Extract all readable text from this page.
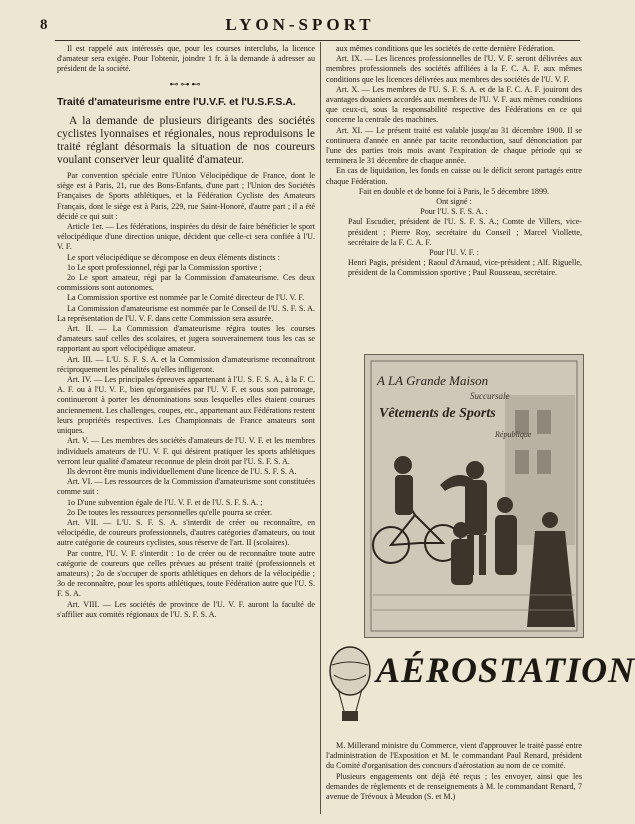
8	LYON-SPORT

Il est rappelé aux intéressés que, pour les courses interclubs, la licence d'amateur sera exigée. Pour l'obtenir, joindre 1 fr. à la demande à adresser au président de la société.

⊷⊶⊷

Traité d'amateurisme entre l'U.V.F. et l'U.S.F.S.A.

A la demande de plusieurs dirigeants des sociétés cyclistes lyonnaises et régionales, nous reproduisons le traité réglant désormais la situation de nos coureurs voulant conserver leur qualité d'amateur.

Par convention spéciale entre l'Union Vélocipédique de France, dont le siège est à Paris, 21, rue des Bons-Enfants, d'une part ; l'Union des Sociétés Françaises de Sports athlétiques, et la Fédération Cycliste des Amateurs Français, dont le siège est à Paris, 229, rue Saint-Honoré, d'autre part ; il a été décidé ce qui suit :

Article 1er. — Les fédérations, inspirées du désir de faire bénéficier le sport vélocipédique d'une direction unique, décident que celle-ci sera confiée à l'U. V. F.

Le sport vélocipédique se décompose en deux éléments distincts :

1o Le sport professionnel, régi par la Commission sportive ;

2o Le sport amateur, régi par la Commission d'amateurisme. Ces deux commissions sont autonomes.

La Commission sportive est nommée par le Comité directeur de l'U. V. F.

La Commission d'amateurisme est nommée par le Conseil de l'U. S. F. S. A. La représentation de l'U. V. F. dans cette Commission sera assurée.

Art. II. — La Commission d'amateurisme régira toutes les courses d'amateurs sauf celles des scolaires, et jugera souverainement tous les cas se rapportant au sport vélocipédique amateur.

Art. III. — L'U. S. F. S. A. et la Commission d'amateurisme reconnaîtront réciproquement les pénalités qu'elles infligeront.

Art. IV. — Les principales épreuves appartenant à l'U. S. F. S. A., à la F. C. A. F. ou à l'U. V. F., bien qu'organisées par l'U. V. F. et sous son patronage, continueront à porter les dénominations sous lesquelles elles étaient courues anciennement. Les challenges, coupes, etc., appartenant aux Fédérations restent leurs propriétés respectives. Les Championnats de France amateurs sont uniques.

Art. V. — Les membres des sociétés d'amateurs de l'U. V. F. et les membres individuels amateurs de l'U. V. F. qui désirent pratiquer les sports athlétiques verront leur qualité d'amateur reconnue de plein droit par l'U. S. F. S. A.

Ils devront être munis individuellement d'une licence de l'U. S. F. S. A.

Art. VI. — Les ressources de la Commission d'amateurisme sont constituées comme suit :

1o D'une subvention égale de l'U. V. F. et de l'U. S. F. S. A. ;

2o De toutes les ressources personnelles qu'elle pourra se créer.

Art. VII. — L'U. S. F. S. A. s'interdit de créer ou reconnaître, en vélocipédie, de coureurs professionnels, d'autres catégories d'amateurs, ou tout autre catégorie de coureurs cyclistes, sous réserve de l'art. II (scolaires).

Par contre, l'U. V. F. s'interdit : 1o de créer ou de reconnaître toute autre catégorie de coureurs que celles prévues au présent traité (professionnels et amateurs) ; 2o de s'occuper de sports athlétiques en dehors de la vélocipédie ; 3o de reconnaître, pour les sports athlétiques, toute Fédération autre que l'U. S. F. S. A.

Art. VIII. — Les sociétés de province de l'U. V. F. auront la faculté de s'affilier aux comités régionaux de l'U. S. F. S. A.

aux mêmes conditions que les sociétés de cette dernière Fédération.

Art. IX. — Les licences professionnelles de l'U. V. F. seront délivrées aux membres professionnels des sociétés affiliées à la F. C. A. F. aux mêmes conditions que les licences délivrées aux membres des sociétés de l'U. V. F.

Art. X. — Les membres de l'U. S. F. S. A. et de la F. C. A. F. jouiront des avantages douaniers accordés aux membres de l'U. V. F. aux mêmes conditions que ceux-ci, sous la responsabilité respective des Fédérations en ce qui concerne la centrale des machines.

Art. XI. — Le présent traité est valable jusqu'au 31 décembre 1900. Il se continuera d'année en année par tacite reconduction, sauf dénonciation par l'une des parties trois mois avant l'expiration de chaque période qui se terminera le 31 décembre de chaque année.

En cas de liquidation, les fonds en caisse ou le déficit seront partagés entre chaque Fédération.

Fait en double et de bonne foi à Paris, le 5 décembre 1899.

Ont signé :

Pour l'U. S. F. S. A. :

Paul Escudier, président de l'U. S. F. S. A.; Comte de Villers, vice-président ; Pierre Roy, secrétaire du Conseil ; Marcel Viollette, secrétaire de la F. C. A. F.

Pour l'U. V. F. :

Henri Pagis, président ; Raoul d'Arnaud, vice-président ; Alf. Riguelle, président de la Commission sportive ; Paul Rousseau, secrétaire.

A LA Grande Maison
Vêtements de Sports
Succursale
République
AÉROSTATION

M. Millerand ministre du Commerce, vient d'approuver le traité passé entre l'administration de l'Exposition et M. le commandant Paul Renard, président du Comité d'organisation des concours d'aérostation au nom de ce comité.

Plusieurs engagements ont déjà été reçus ; les envoyer, ainsi que les demandes de règlements et de renseignements à M. le commandant Renard, 7 avenue de Trévoux à Meudon (S. et M.)
